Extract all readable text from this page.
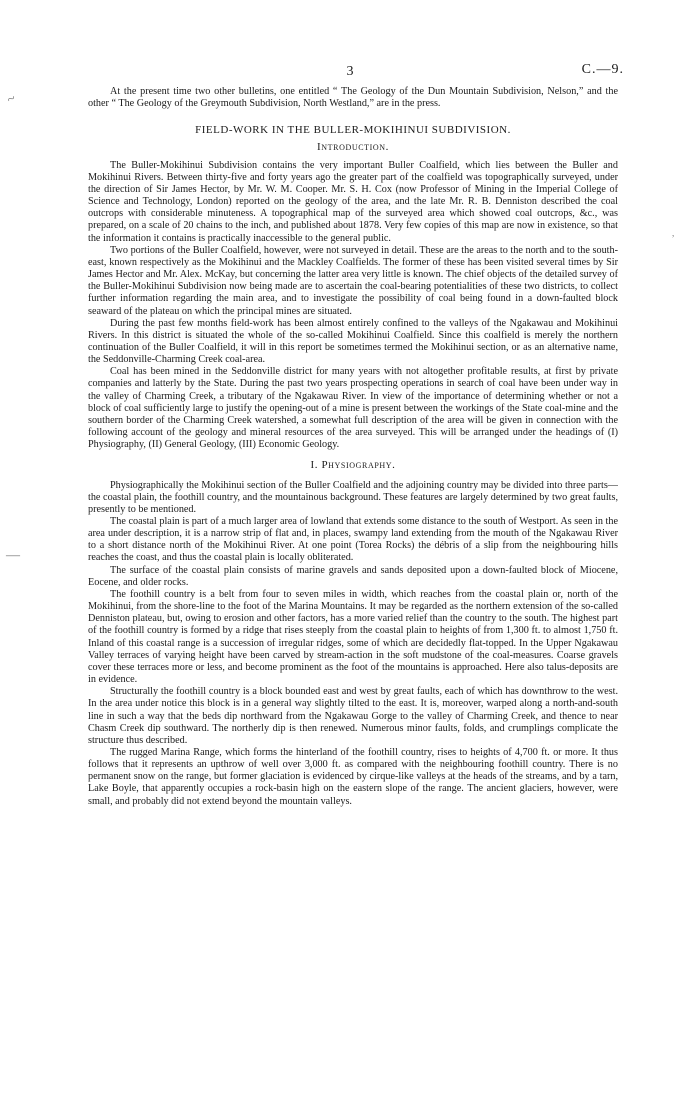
~
,
—
3	C.—9.

At the present time two other bulletins, one entitled “ The Geology of the Dun Mountain Subdivision, Nelson,” and the other “ The Geology of the Greymouth Subdivision, North Westland,” are in the press.

FIELD-WORK IN THE BULLER-MOKIHINUI SUBDIVISION.
Introduction.

The Buller-Mokihinui Subdivision contains the very important Buller Coalfield, which lies between the Buller and Mokihinui Rivers. Between thirty-five and forty years ago the greater part of the coalfield was topographically surveyed, under the direction of Sir James Hector, by Mr. W. M. Cooper. Mr. S. H. Cox (now Professor of Mining in the Imperial College of Science and Technology, London) reported on the geology of the area, and the late Mr. R. B. Denniston described the coal outcrops with considerable minuteness. A topographical map of the surveyed area which showed coal outcrops, &c., was prepared, on a scale of 20 chains to the inch, and published about 1878. Very few copies of this map are now in existence, so that the information it contains is practically inaccessible to the general public.

Two portions of the Buller Coalfield, however, were not surveyed in detail. These are the areas to the north and to the south-east, known respectively as the Mokihinui and the Mackley Coalfields. The former of these has been visited several times by Sir James Hector and Mr. Alex. McKay, but concerning the latter area very little is known. The chief objects of the detailed survey of the Buller-Mokihinui Subdivision now being made are to ascertain the coal-bearing potentialities of these two districts, to collect further information regarding the main area, and to investigate the possibility of coal being found in a down-faulted block seaward of the plateau on which the principal mines are situated.

During the past few months field-work has been almost entirely confined to the valleys of the Ngakawau and Mokihinui Rivers. In this district is situated the whole of the so-called Mokihinui Coalfield. Since this coalfield is merely the northern continuation of the Buller Coalfield, it will in this report be sometimes termed the Mokihinui section, or as an alternative name, the Seddonville-Charming Creek coal-area.

Coal has been mined in the Seddonville district for many years with not altogether profitable results, at first by private companies and latterly by the State. During the past two years prospecting operations in search of coal have been under way in the valley of Charming Creek, a tributary of the Ngakawau River. In view of the importance of determining whether or not a block of coal sufficiently large to justify the opening-out of a mine is present between the workings of the State coal-mine and the southern border of the Charming Creek watershed, a somewhat full description of the area will be given in connection with the following account of the geology and mineral resources of the area surveyed. This will be arranged under the headings of (I) Physiography, (II) General Geology, (III) Economic Geology.

I. Physiography.

Physiographically the Mokihinui section of the Buller Coalfield and the adjoining country may be divided into three parts—the coastal plain, the foothill country, and the mountainous background. These features are largely determined by two great faults, presently to be mentioned.

The coastal plain is part of a much larger area of lowland that extends some distance to the south of Westport. As seen in the area under description, it is a narrow strip of flat and, in places, swampy land extending from the mouth of the Ngakawau River to a short distance north of the Mokihinui River. At one point (Torea Rocks) the débris of a slip from the neighbouring hills reaches the coast, and thus the coastal plain is locally obliterated.

The surface of the coastal plain consists of marine gravels and sands deposited upon a down-faulted block of Miocene, Eocene, and older rocks.

The foothill country is a belt from four to seven miles in width, which reaches from the coastal plain or, north of the Mokihinui, from the shore-line to the foot of the Marina Mountains. It may be regarded as the northern extension of the so-called Denniston plateau, but, owing to erosion and other factors, has a more varied relief than the country to the south. The highest part of the foothill country is formed by a ridge that rises steeply from the coastal plain to heights of from 1,300 ft. to almost 1,750 ft. Inland of this coastal range is a succession of irregular ridges, some of which are decidedly flat-topped. In the Upper Ngakawau Valley terraces of varying height have been carved by stream-action in the soft mudstone of the coal-measures. Coarse gravels cover these terraces more or less, and become prominent as the foot of the mountains is approached. Here also talus-deposits are in evidence.

Structurally the foothill country is a block bounded east and west by great faults, each of which has downthrow to the west. In the area under notice this block is in a general way slightly tilted to the east. It is, moreover, warped along a north-and-south line in such a way that the beds dip northward from the Ngakawau Gorge to the valley of Charming Creek, and thence to near Chasm Creek dip southward. The northerly dip is then renewed. Numerous minor faults, folds, and crumplings complicate the structure thus described.

The rugged Marina Range, which forms the hinterland of the foothill country, rises to heights of 4,700 ft. or more. It thus follows that it represents an upthrow of well over 3,000 ft. as compared with the neighbouring foothill country. There is no permanent snow on the range, but former glaciation is evidenced by cirque-like valleys at the heads of the streams, and by a tarn, Lake Boyle, that apparently occupies a rock-basin high on the eastern slope of the range. The ancient glaciers, however, were small, and probably did not extend beyond the mountain valleys.
